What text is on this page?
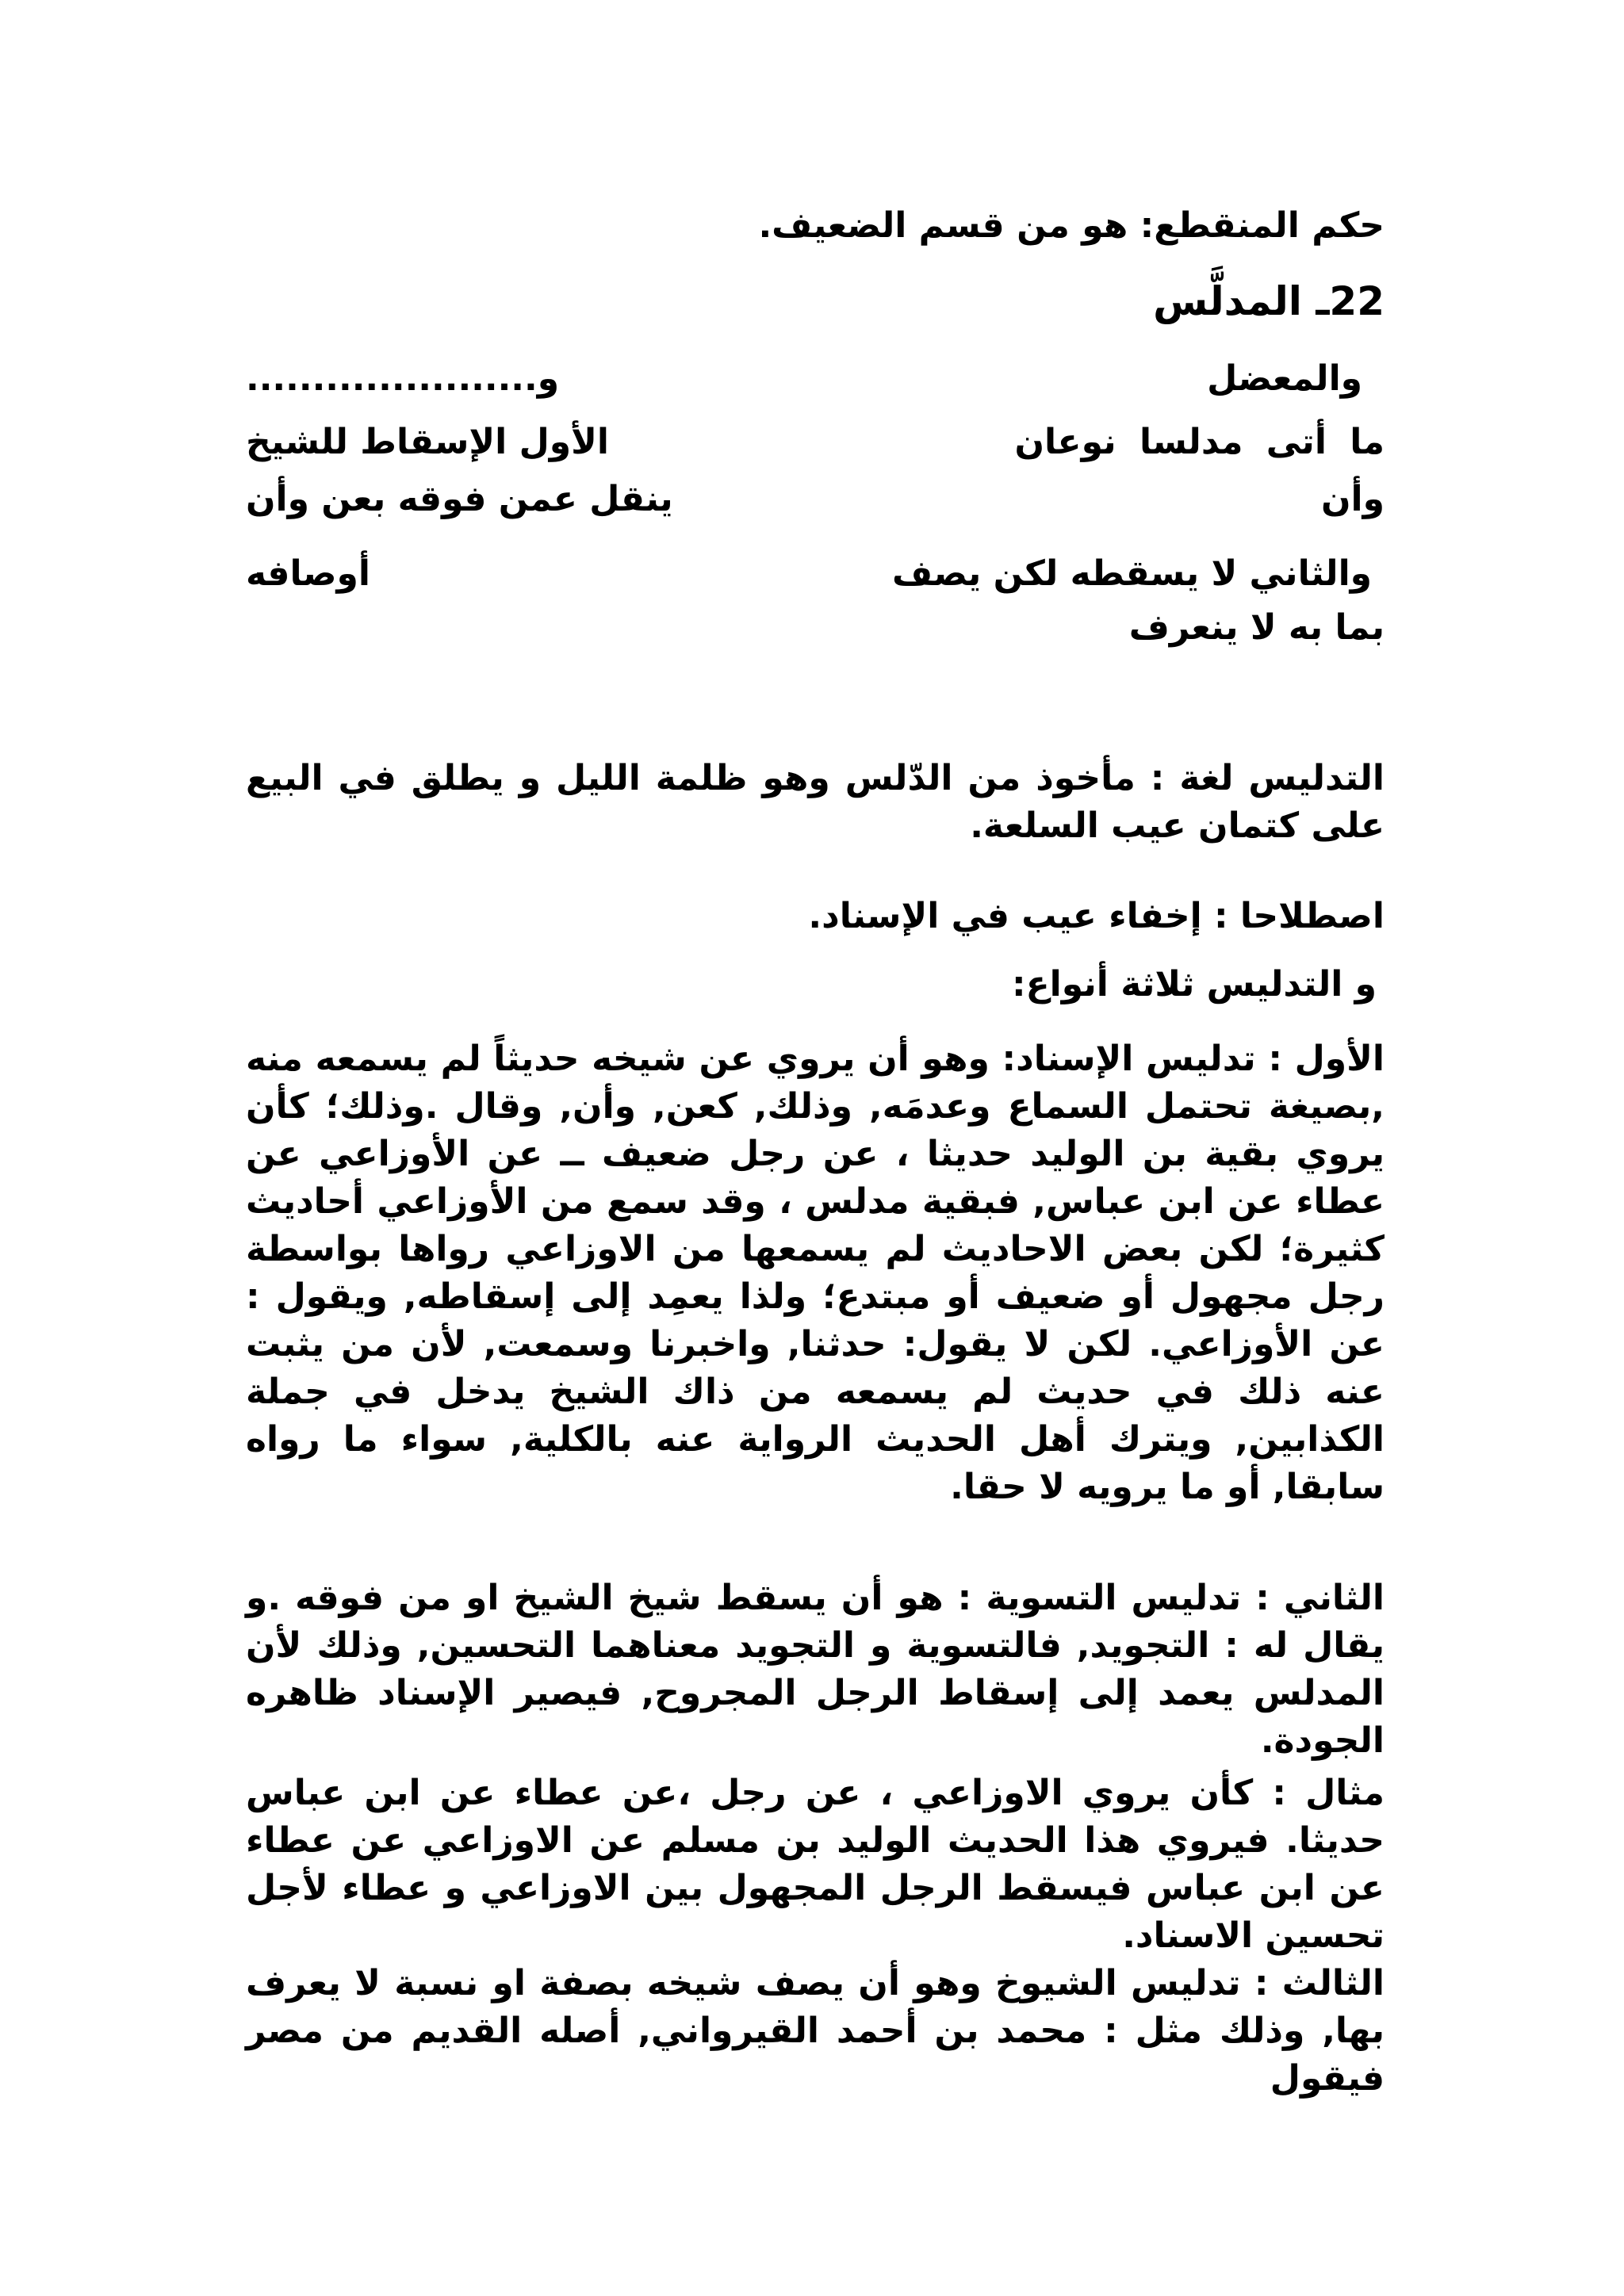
حكم المنقطع: هو من قسم الضعيف.
22ـ المدلَّس
والمعضل
و......................
ما أتى مدلسا نوعان
الأول الإسقاط للشيخ
وأن
ينقل عمن فوقه بعن وأن
والثاني لا يسقطه لكن يصف
أوصافه
بما به لا ينعرف

التدليس لغة : مأخوذ من الدّلس وهو ظلمة الليل و يطلق في البيع على كتمان عيب السلعة.

اصطلاحا : إخفاء عيب في الإسناد.
و التدليس ثلاثة أنواع:

الأول : تدليس الإسناد: وهو أن يروي عن شيخه حديثاً لم يسمعه منه ,بصيغة تحتمل السماع وعدمَه, وذلك, كعن, وأن, وقال .وذلك؛ كأن يروي بقية بن الوليد حديثا ، عن رجل ضعيف ــ عن الأوزاعي عن عطاء عن ابن عباس, فبقية مدلس ، وقد سمع من الأوزاعي أحاديث كثيرة؛ لكن بعض الاحاديث لم يسمعها من الاوزاعي رواها بواسطة رجل مجهول أو ضعيف أو مبتدع؛ ولذا يعمِد إلى إسقاطه, ويقول : عن الأوزاعي. لكن لا يقول: حدثنا, واخبرنا وسمعت, لأن من يثبت عنه ذلك في حديث لم يسمعه من ذاك الشيخ يدخل في جملة الكذابين, ويترك أهل الحديث الرواية عنه بالكلية, سواء ما رواه سابقا, أو ما يرويه لا حقا.

الثاني : تدليس التسوية : هو أن يسقط شيخ الشيخ او من فوقه .و يقال له : التجويد, فالتسوية و التجويد معناهما التحسين, وذلك لأن المدلس يعمد إلى إسقاط الرجل المجروح, فيصير الإسناد ظاهره الجودة.

مثال : كأن يروي الاوزاعي ، عن رجل ،عن عطاء عن ابن عباس حديثا. فيروي هذا الحديث الوليد بن مسلم عن الاوزاعي عن عطاء عن ابن عباس فيسقط الرجل المجهول بين الاوزاعي و عطاء لأجل تحسين الاسناد.

الثالث : تدليس الشيوخ وهو أن يصف شيخه بصفة او نسبة لا يعرف بها, وذلك مثل : محمد بن أحمد القيرواني, أصله القديم من مصر فيقول
